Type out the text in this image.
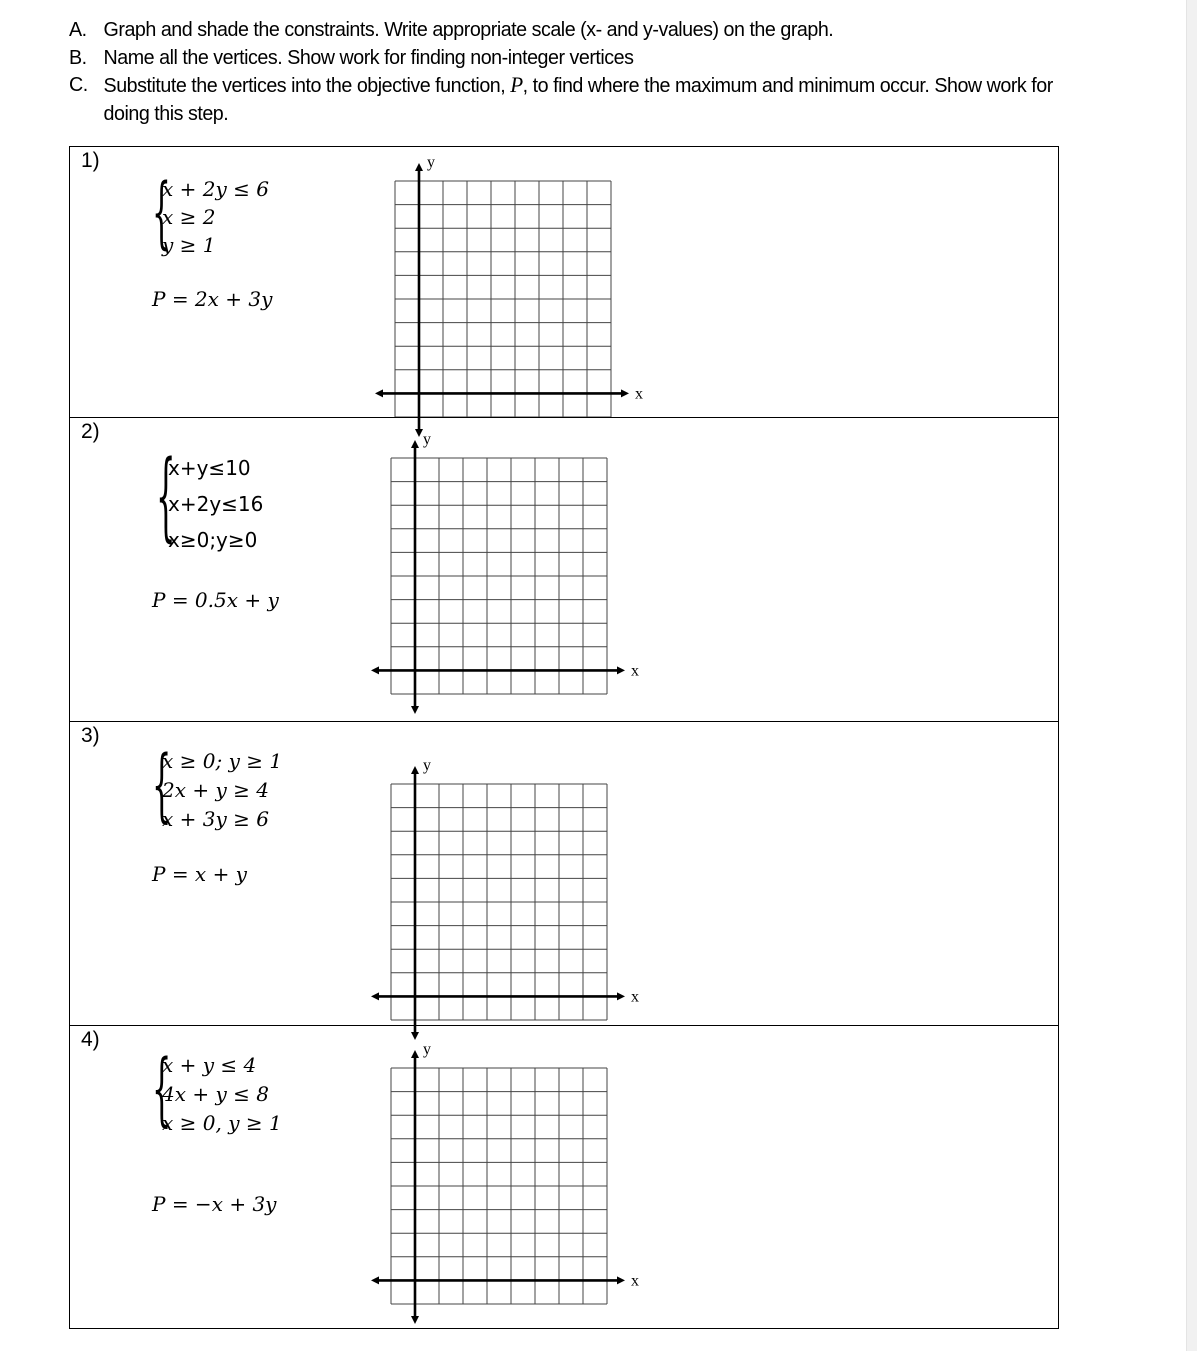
A. Graph and shade the constraints. Write appropriate scale (x- and y-values) on the graph.
B. Name all the vertices. Show work for finding non-integer vertices
C. Substitute the vertices into the objective function, P, to find where the maximum and minimum occur. Show work for doing this step.
1)
{
x + 2y ≤ 6
x ≥ 2
y ≥ 1
P = 2x + 3y
y
x
2)
{
x+y≤10
x+2y≤16
x≥0;y≥0
P = 0.5x + y
y
x
3)
{
x ≥ 0; y ≥ 1
2x + y ≥ 4
x + 3y ≥ 6
P = x + y
y
x
4)
{
x + y ≤ 4
4x + y ≤ 8
x ≥ 0, y ≥ 1
P = −x + 3y
y
x
